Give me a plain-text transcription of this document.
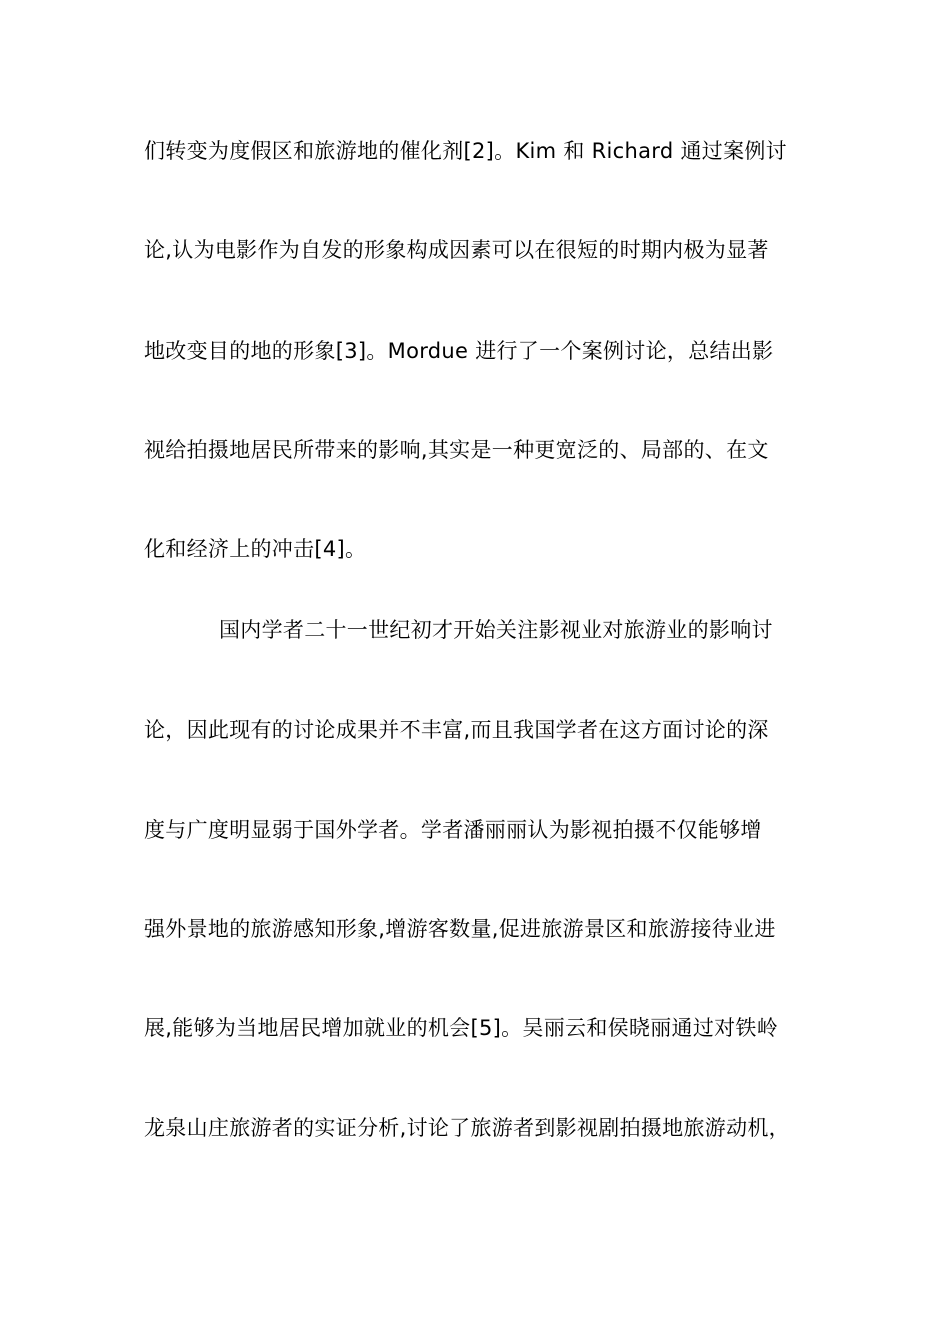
们转变为度假区和旅游地的催化剂[2]。Kim 和 Richard 通过案例讨
论,认为电影作为自发的形象构成因素可以在很短的时期内极为显著
地改变目的地的形象[3]。Mordue 进行了一个案例讨论，总结出影
视给拍摄地居民所带来的影响,其实是一种更宽泛的、局部的、在文
化和经济上的冲击[4]。
国内学者二十一世纪初才开始关注影视业对旅游业的影响讨
论，因此现有的讨论成果并不丰富,而且我国学者在这方面讨论的深
度与广度明显弱于国外学者。学者潘丽丽认为影视拍摄不仅能够增
强外景地的旅游感知形象,增游客数量,促进旅游景区和旅游接待业进
展,能够为当地居民增加就业的机会[5]。吴丽云和侯晓丽通过对铁岭
龙泉山庄旅游者的实证分析,讨论了旅游者到影视剧拍摄地旅游动机，
